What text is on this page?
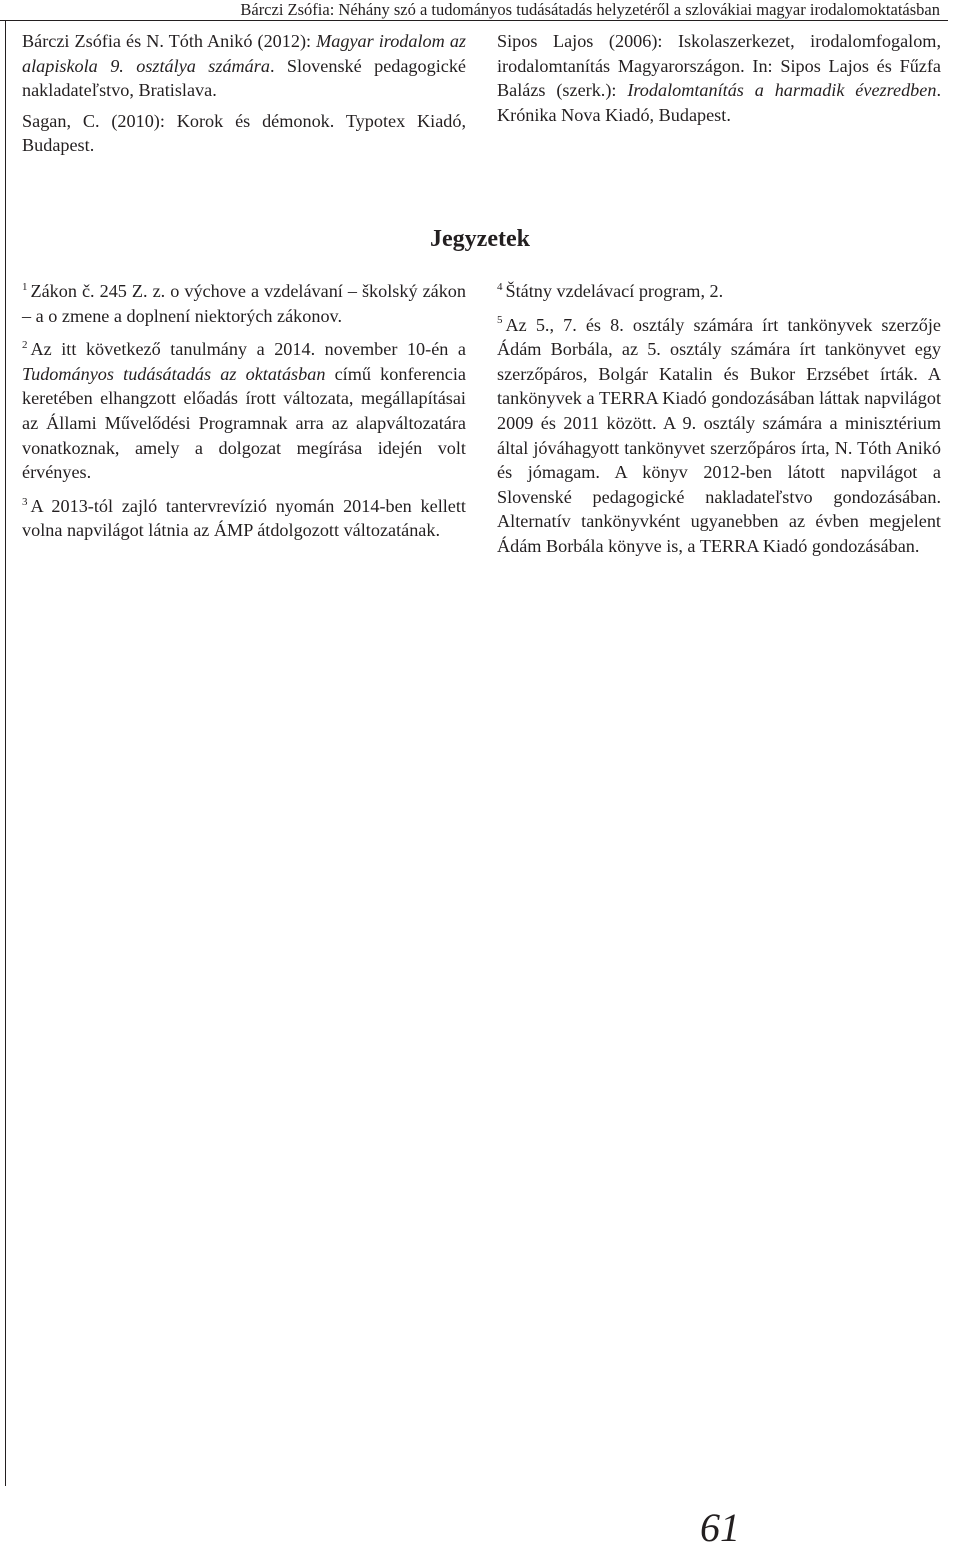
Bárczi Zsófia: Néhány szó a tudományos tudásátadás helyzetéről a szlovákiai magyar irodalomoktatásban

Bárczi Zsófia és N. Tóth Anikó (2012): Magyar irodalom az alapiskola 9. osztálya számára. Slovenské pedagogické nakladateľstvo, Bratislava.

Sagan, C. (2010): Korok és démonok. Typotex Kiadó, Budapest.

Sipos Lajos (2006): Iskolaszerkezet, irodalomfogalom, irodalomtanítás Magyarországon. In: Sipos Lajos és Fűzfa Balázs (szerk.): Irodalomtanítás a harmadik évezredben. Krónika Nova Kiadó, Budapest.

Jegyzetek

$^1$ Zákon č. 245 Z. z. o výchove a vzdelávaní – školský zákon – a o zmene a doplnení niektorých zákonov.

$^2$ Az itt következő tanulmány a 2014. november 10-én a Tudományos tudásátadás az oktatásban című konferencia keretében elhangzott előadás írott változata, megállapításai az Állami Művelődési Programnak arra az alapváltozatára vonatkoznak, amely a dolgozat megírása idején volt érvényes.

$^3$ A 2013-tól zajló tantervrevízió nyomán 2014-ben kellett volna napvilágot látnia az ÁMP átdolgozott változatának.

$^4$ Štátny vzdelávací program, 2.

$^5$ Az 5., 7. és 8. osztály számára írt tankönyvek szerzője Ádám Borbála, az 5. osztály számára írt tankönyvet egy szerzőpáros, Bolgár Katalin és Bukor Erzsébet írták. A tankönyvek a TERRA Kiadó gondozásában láttak napvilágot 2009 és 2011 között. A 9. osztály számára a minisztérium által jóváhagyott tankönyvet szerzőpáros írta, N. Tóth Anikó és jómagam. A könyv 2012-ben látott napvilágot a Slovenské pedagogické nakladateľstvo gondozásában. Alternatív tankönyvként ugyanebben az évben megjelent Ádám Borbála könyve is, a TERRA Kiadó gondozásában.

61
